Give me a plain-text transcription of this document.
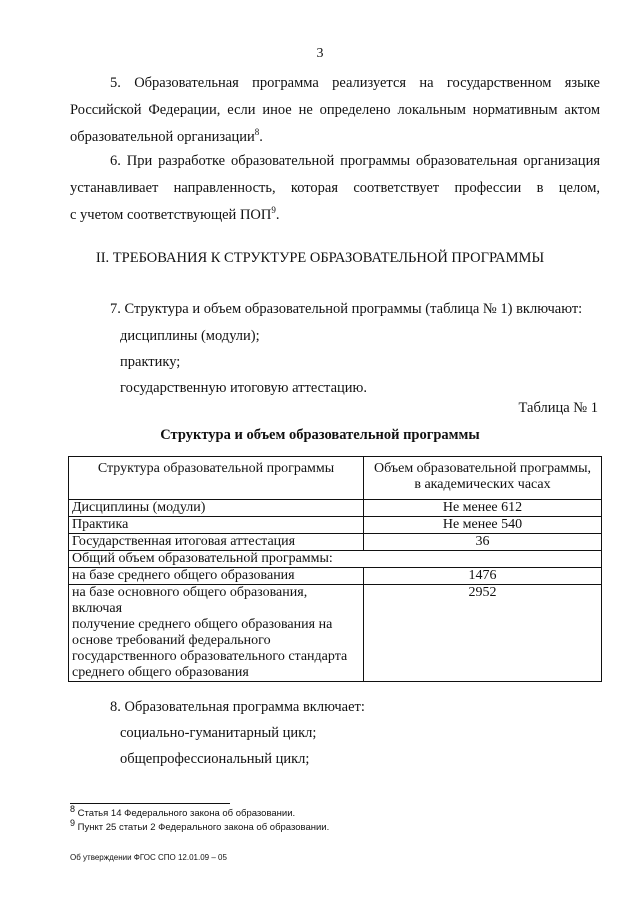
3
5. Образовательная программа реализуется на государственном языке
Российской Федерации, если иное не определено локальным нормативным актом
образовательной организации$^8$.
6. При разработке образовательной программы образовательная организация
устанавливает направленность, которая соответствует профессии в целом,
с учетом соответствующей ПОП$^9$.
II. ТРЕБОВАНИЯ К СТРУКТУРЕ ОБРАЗОВАТЕЛЬНОЙ ПРОГРАММЫ
7. Структура и объем образовательной программы (таблица № 1) включают:
дисциплины (модули);
практику;
государственную итоговую аттестацию.
Таблица № 1
Структура и объем образовательной программы
Структура образовательной программы	Объем образовательной программы,
в академических часах

Дисциплины (модули)	Не менее 612
Практика	Не менее 540
Государственная итоговая аттестация	36
Общий объем образовательной программы:	
на базе среднего общего образования	1476

на базе основного общего образования, включая
получение среднего общего образования на
основе требований федерального
государственного образовательного стандарта
среднего общего образования	2952
8. Образовательная программа включает:
социально-гуманитарный цикл;
общепрофессиональный цикл;
$^8$ Статья 14 Федерального закона об образовании.
$^9$ Пункт 25 статьи 2 Федерального закона об образовании.
Об утверждении ФГОС СПО 12.01.09 – 05
